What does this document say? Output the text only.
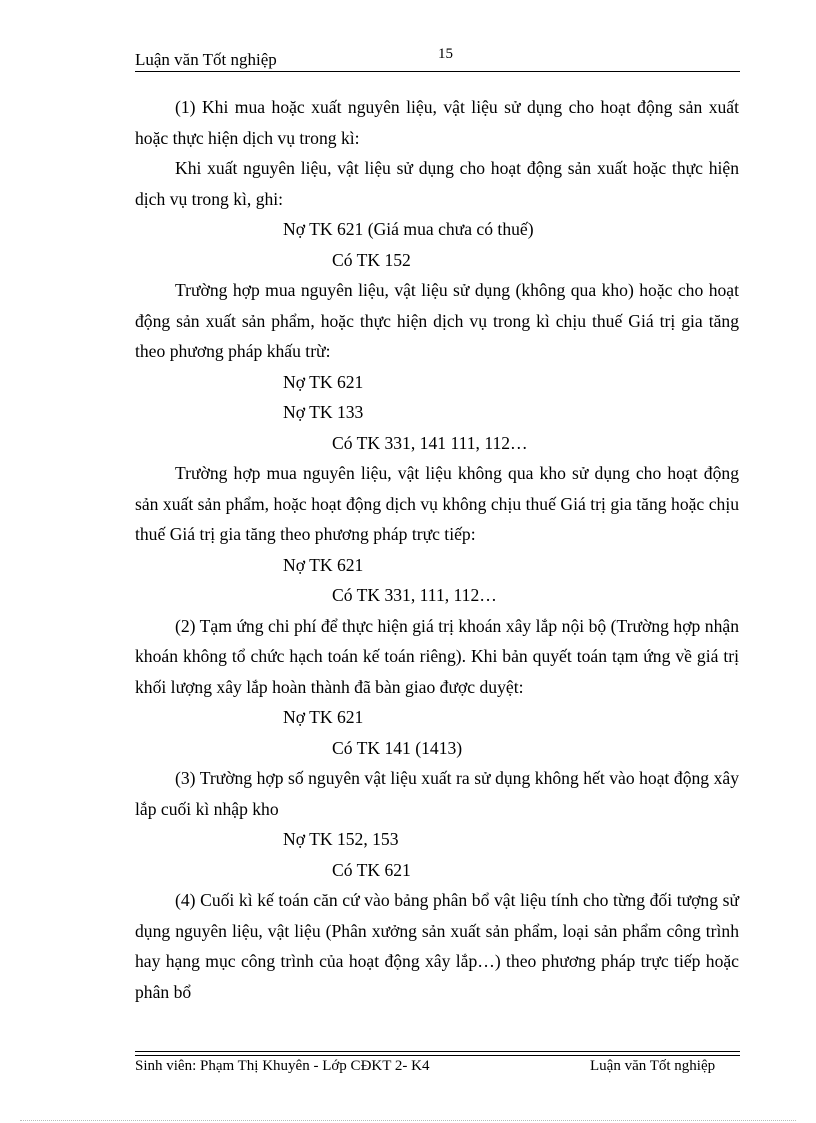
Luận văn Tốt nghiệp	15

(1) Khi mua hoặc xuất nguyên liệu, vật liệu sử dụng cho hoạt động sản xuất hoặc thực hiện dịch vụ trong kì:

Khi xuất nguyên liệu, vật liệu sử dụng cho hoạt động sản xuất hoặc thực hiện dịch vụ trong kì, ghi:

Nợ TK 621 (Giá mua chưa có thuế)

Có TK 152

Trường hợp mua nguyên liệu, vật liệu sử dụng (không qua kho) hoặc cho hoạt động sản xuất sản phẩm, hoặc thực hiện dịch vụ trong kì chịu thuế Giá trị gia tăng theo phương pháp khấu trừ:

Nợ TK 621

Nợ TK 133

Có TK 331, 141 111, 112…

Trường hợp mua nguyên liệu, vật liệu không qua kho sử dụng cho hoạt động sản xuất sản phẩm, hoặc hoạt động dịch vụ không chịu thuế Giá trị gia tăng hoặc chịu thuế Giá trị gia tăng theo phương pháp trực tiếp:

Nợ TK 621

Có TK 331, 111, 112…

(2) Tạm ứng chi phí để thực hiện giá trị khoán xây lắp nội bộ (Trường hợp nhận khoán không tổ chức hạch toán kế toán riêng). Khi bản quyết toán tạm ứng về giá trị khối lượng xây lắp hoàn thành đã bàn giao được duyệt:

Nợ TK 621

Có TK 141 (1413)

(3) Trường hợp số nguyên vật liệu xuất ra sử dụng không hết vào hoạt động xây lắp cuối kì nhập kho

Nợ TK 152, 153

Có TK 621

(4) Cuối kì kế toán căn cứ vào bảng phân bổ vật liệu tính cho từng đối tượng sử dụng nguyên liệu, vật liệu (Phân xưởng sản xuất sản phẩm, loại sản phẩm công trình hay hạng mục công trình của hoạt động xây lắp…) theo phương pháp trực tiếp hoặc phân bổ

Sinh viên: Phạm Thị Khuyên - Lớp CĐKT 2- K4	Luận văn Tốt nghiệp
